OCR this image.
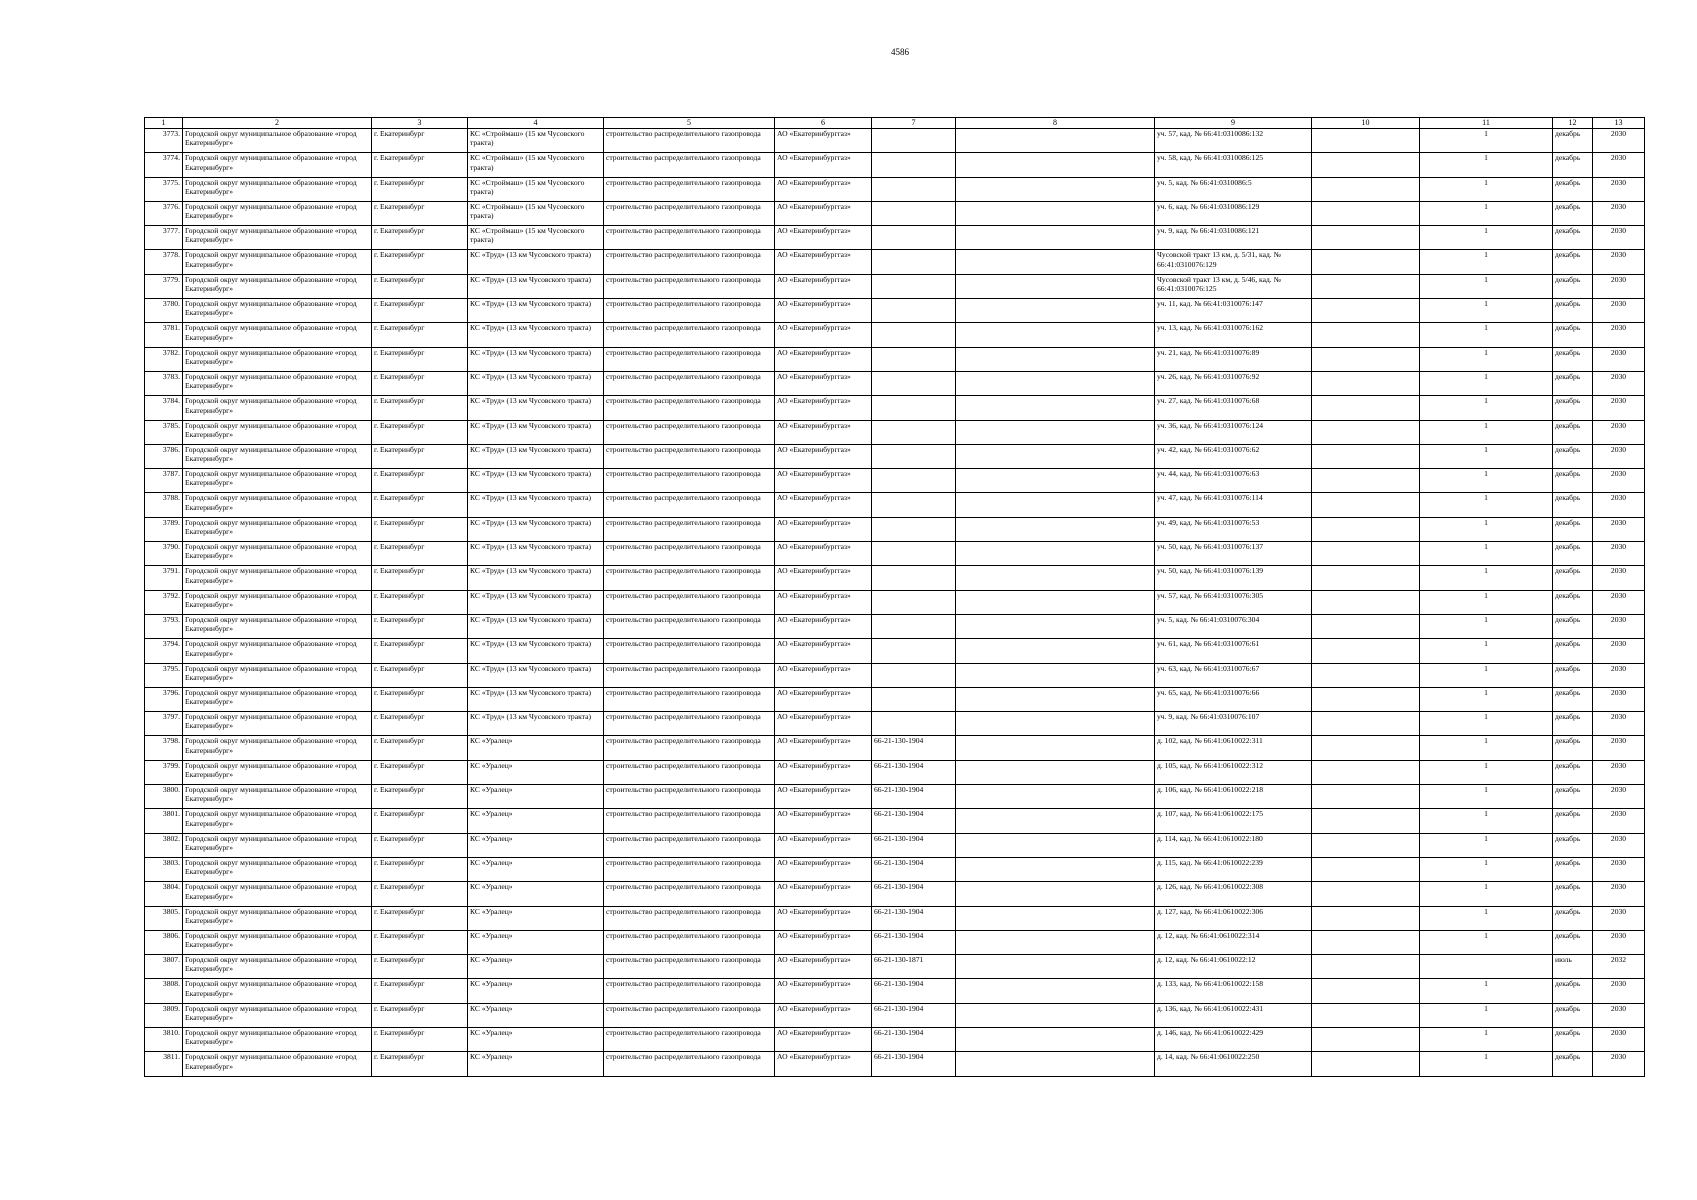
4586
1	2	3	4	5	6	7	8	9	10	11	12	13
3773.	Городской округ муниципальное образование «город Екатеринбург»	г. Екатеринбург	КС «Строймаш» (15 км Чусовского тракта)	строительство распределительного газопровода	АО «Екатеринбурггаз»			уч. 57, кад. № 66:41:0310086:132		1	декабрь	2030
3774.	Городской округ муниципальное образование «город Екатеринбург»	г. Екатеринбург	КС «Строймаш» (15 км Чусовского тракта)	строительство распределительного газопровода	АО «Екатеринбурггаз»			уч. 58, кад. № 66:41:0310086:125		1	декабрь	2030
3775.	Городской округ муниципальное образование «город Екатеринбург»	г. Екатеринбург	КС «Строймаш» (15 км Чусовского тракта)	строительство распределительного газопровода	АО «Екатеринбурггаз»			уч. 5, кад. № 66:41:0310086:5		1	декабрь	2030
3776.	Городской округ муниципальное образование «город Екатеринбург»	г. Екатеринбург	КС «Строймаш» (15 км Чусовского тракта)	строительство распределительного газопровода	АО «Екатеринбурггаз»			уч. 6, кад. № 66:41:0310086:129		1	декабрь	2030
3777.	Городской округ муниципальное образование «город Екатеринбург»	г. Екатеринбург	КС «Строймаш» (15 км Чусовского тракта)	строительство распределительного газопровода	АО «Екатеринбурггаз»			уч. 9, кад. № 66:41:0310086:121		1	декабрь	2030
3778.	Городской округ муниципальное образование «город Екатеринбург»	г. Екатеринбург	КС «Труд» (13 км Чусовского тракта)	строительство распределительного газопровода	АО «Екатеринбурггаз»			Чусовской тракт 13 км, д. 5/31, кад. № 66:41:0310076:129		1	декабрь	2030
3779.	Городской округ муниципальное образование «город Екатеринбург»	г. Екатеринбург	КС «Труд» (13 км Чусовского тракта)	строительство распределительного газопровода	АО «Екатеринбурггаз»			Чусовской тракт 13 км, д. 5/46, кад. № 66:41:0310076:125		1	декабрь	2030
3780.	Городской округ муниципальное образование «город Екатеринбург»	г. Екатеринбург	КС «Труд» (13 км Чусовского тракта)	строительство распределительного газопровода	АО «Екатеринбурггаз»			уч. 11, кад. № 66:41:0310076:147		1	декабрь	2030
3781.	Городской округ муниципальное образование «город Екатеринбург»	г. Екатеринбург	КС «Труд» (13 км Чусовского тракта)	строительство распределительного газопровода	АО «Екатеринбурггаз»			уч. 13, кад. № 66:41:0310076:162		1	декабрь	2030
3782.	Городской округ муниципальное образование «город Екатеринбург»	г. Екатеринбург	КС «Труд» (13 км Чусовского тракта)	строительство распределительного газопровода	АО «Екатеринбурггаз»			уч. 21, кад. № 66:41:0310076:89		1	декабрь	2030
3783.	Городской округ муниципальное образование «город Екатеринбург»	г. Екатеринбург	КС «Труд» (13 км Чусовского тракта)	строительство распределительного газопровода	АО «Екатеринбурггаз»			уч. 26, кад. № 66:41:0310076:92		1	декабрь	2030
3784.	Городской округ муниципальное образование «город Екатеринбург»	г. Екатеринбург	КС «Труд» (13 км Чусовского тракта)	строительство распределительного газопровода	АО «Екатеринбурггаз»			уч. 27, кад. № 66:41:0310076:68		1	декабрь	2030
3785.	Городской округ муниципальное образование «город Екатеринбург»	г. Екатеринбург	КС «Труд» (13 км Чусовского тракта)	строительство распределительного газопровода	АО «Екатеринбурггаз»			уч. 36, кад. № 66:41:0310076:124		1	декабрь	2030
3786.	Городской округ муниципальное образование «город Екатеринбург»	г. Екатеринбург	КС «Труд» (13 км Чусовского тракта)	строительство распределительного газопровода	АО «Екатеринбурггаз»			уч. 42, кад. № 66:41:0310076:62		1	декабрь	2030
3787.	Городской округ муниципальное образование «город Екатеринбург»	г. Екатеринбург	КС «Труд» (13 км Чусовского тракта)	строительство распределительного газопровода	АО «Екатеринбурггаз»			уч. 44, кад. № 66:41:0310076:63		1	декабрь	2030
3788.	Городской округ муниципальное образование «город Екатеринбург»	г. Екатеринбург	КС «Труд» (13 км Чусовского тракта)	строительство распределительного газопровода	АО «Екатеринбурггаз»			уч. 47, кад. № 66:41:0310076:114		1	декабрь	2030
3789.	Городской округ муниципальное образование «город Екатеринбург»	г. Екатеринбург	КС «Труд» (13 км Чусовского тракта)	строительство распределительного газопровода	АО «Екатеринбурггаз»			уч. 49, кад. № 66:41:0310076:53		1	декабрь	2030
3790.	Городской округ муниципальное образование «город Екатеринбург»	г. Екатеринбург	КС «Труд» (13 км Чусовского тракта)	строительство распределительного газопровода	АО «Екатеринбурггаз»			уч. 50, кад. № 66:41:0310076:137		1	декабрь	2030
3791.	Городской округ муниципальное образование «город Екатеринбург»	г. Екатеринбург	КС «Труд» (13 км Чусовского тракта)	строительство распределительного газопровода	АО «Екатеринбурггаз»			уч. 50, кад. № 66:41:0310076:139		1	декабрь	2030
3792.	Городской округ муниципальное образование «город Екатеринбург»	г. Екатеринбург	КС «Труд» (13 км Чусовского тракта)	строительство распределительного газопровода	АО «Екатеринбурггаз»			уч. 57, кад. № 66:41:0310076:305		1	декабрь	2030
3793.	Городской округ муниципальное образование «город Екатеринбург»	г. Екатеринбург	КС «Труд» (13 км Чусовского тракта)	строительство распределительного газопровода	АО «Екатеринбурггаз»			уч. 5, кад. № 66:41:0310076:304		1	декабрь	2030
3794.	Городской округ муниципальное образование «город Екатеринбург»	г. Екатеринбург	КС «Труд» (13 км Чусовского тракта)	строительство распределительного газопровода	АО «Екатеринбурггаз»			уч. 61, кад. № 66:41:0310076:61		1	декабрь	2030
3795.	Городской округ муниципальное образование «город Екатеринбург»	г. Екатеринбург	КС «Труд» (13 км Чусовского тракта)	строительство распределительного газопровода	АО «Екатеринбурггаз»			уч. 63, кад. № 66:41:0310076:67		1	декабрь	2030
3796.	Городской округ муниципальное образование «город Екатеринбург»	г. Екатеринбург	КС «Труд» (13 км Чусовского тракта)	строительство распределительного газопровода	АО «Екатеринбурггаз»			уч. 65, кад. № 66:41:0310076:66		1	декабрь	2030
3797.	Городской округ муниципальное образование «город Екатеринбург»	г. Екатеринбург	КС «Труд» (13 км Чусовского тракта)	строительство распределительного газопровода	АО «Екатеринбурггаз»			уч. 9, кад. № 66:41:0310076:107		1	декабрь	2030
3798.	Городской округ муниципальное образование «город Екатеринбург»	г. Екатеринбург	КС «Уралец»	строительство распределительного газопровода	АО «Екатеринбурггаз»	66-21-130-1904		д. 102, кад. № 66:41:0610022:311		1	декабрь	2030
3799.	Городской округ муниципальное образование «город Екатеринбург»	г. Екатеринбург	КС «Уралец»	строительство распределительного газопровода	АО «Екатеринбурггаз»	66-21-130-1904		д. 105, кад. № 66:41:0610022:312		1	декабрь	2030
3800.	Городской округ муниципальное образование «город Екатеринбург»	г. Екатеринбург	КС «Уралец»	строительство распределительного газопровода	АО «Екатеринбурггаз»	66-21-130-1904		д. 106, кад. № 66:41:0610022:218		1	декабрь	2030
3801.	Городской округ муниципальное образование «город Екатеринбург»	г. Екатеринбург	КС «Уралец»	строительство распределительного газопровода	АО «Екатеринбурггаз»	66-21-130-1904		д. 107, кад. № 66:41:0610022:175		1	декабрь	2030
3802.	Городской округ муниципальное образование «город Екатеринбург»	г. Екатеринбург	КС «Уралец»	строительство распределительного газопровода	АО «Екатеринбурггаз»	66-21-130-1904		д. 114, кад. № 66:41:0610022:180		1	декабрь	2030
3803.	Городской округ муниципальное образование «город Екатеринбург»	г. Екатеринбург	КС «Уралец»	строительство распределительного газопровода	АО «Екатеринбурггаз»	66-21-130-1904		д. 115, кад. № 66:41:0610022:239		1	декабрь	2030
3804.	Городской округ муниципальное образование «город Екатеринбург»	г. Екатеринбург	КС «Уралец»	строительство распределительного газопровода	АО «Екатеринбурггаз»	66-21-130-1904		д. 126, кад. № 66:41:0610022:308		1	декабрь	2030
3805.	Городской округ муниципальное образование «город Екатеринбург»	г. Екатеринбург	КС «Уралец»	строительство распределительного газопровода	АО «Екатеринбурггаз»	66-21-130-1904		д. 127, кад. № 66:41:0610022:306		1	декабрь	2030
3806.	Городской округ муниципальное образование «город Екатеринбург»	г. Екатеринбург	КС «Уралец»	строительство распределительного газопровода	АО «Екатеринбурггаз»	66-21-130-1904		д. 12, кад. № 66:41:0610022:314		1	декабрь	2030
3807.	Городской округ муниципальное образование «город Екатеринбург»	г. Екатеринбург	КС «Уралец»	строительство распределительного газопровода	АО «Екатеринбурггаз»	66-21-130-1871		д. 12, кад. № 66:41:0610022:12			июль	2032
3808.	Городской округ муниципальное образование «город Екатеринбург»	г. Екатеринбург	КС «Уралец»	строительство распределительного газопровода	АО «Екатеринбурггаз»	66-21-130-1904		д. 133, кад. № 66:41:0610022:158		1	декабрь	2030
3809.	Городской округ муниципальное образование «город Екатеринбург»	г. Екатеринбург	КС «Уралец»	строительство распределительного газопровода	АО «Екатеринбурггаз»	66-21-130-1904		д. 136, кад. № 66:41:0610022:431		1	декабрь	2030
3810.	Городской округ муниципальное образование «город Екатеринбург»	г. Екатеринбург	КС «Уралец»	строительство распределительного газопровода	АО «Екатеринбурггаз»	66-21-130-1904		д. 146, кад. № 66:41:0610022:429		1	декабрь	2030
3811.	Городской округ муниципальное образование «город Екатеринбург»	г. Екатеринбург	КС «Уралец»	строительство распределительного газопровода	АО «Екатеринбурггаз»	66-21-130-1904		д. 14, кад. № 66:41:0610022:250		1	декабрь	2030
